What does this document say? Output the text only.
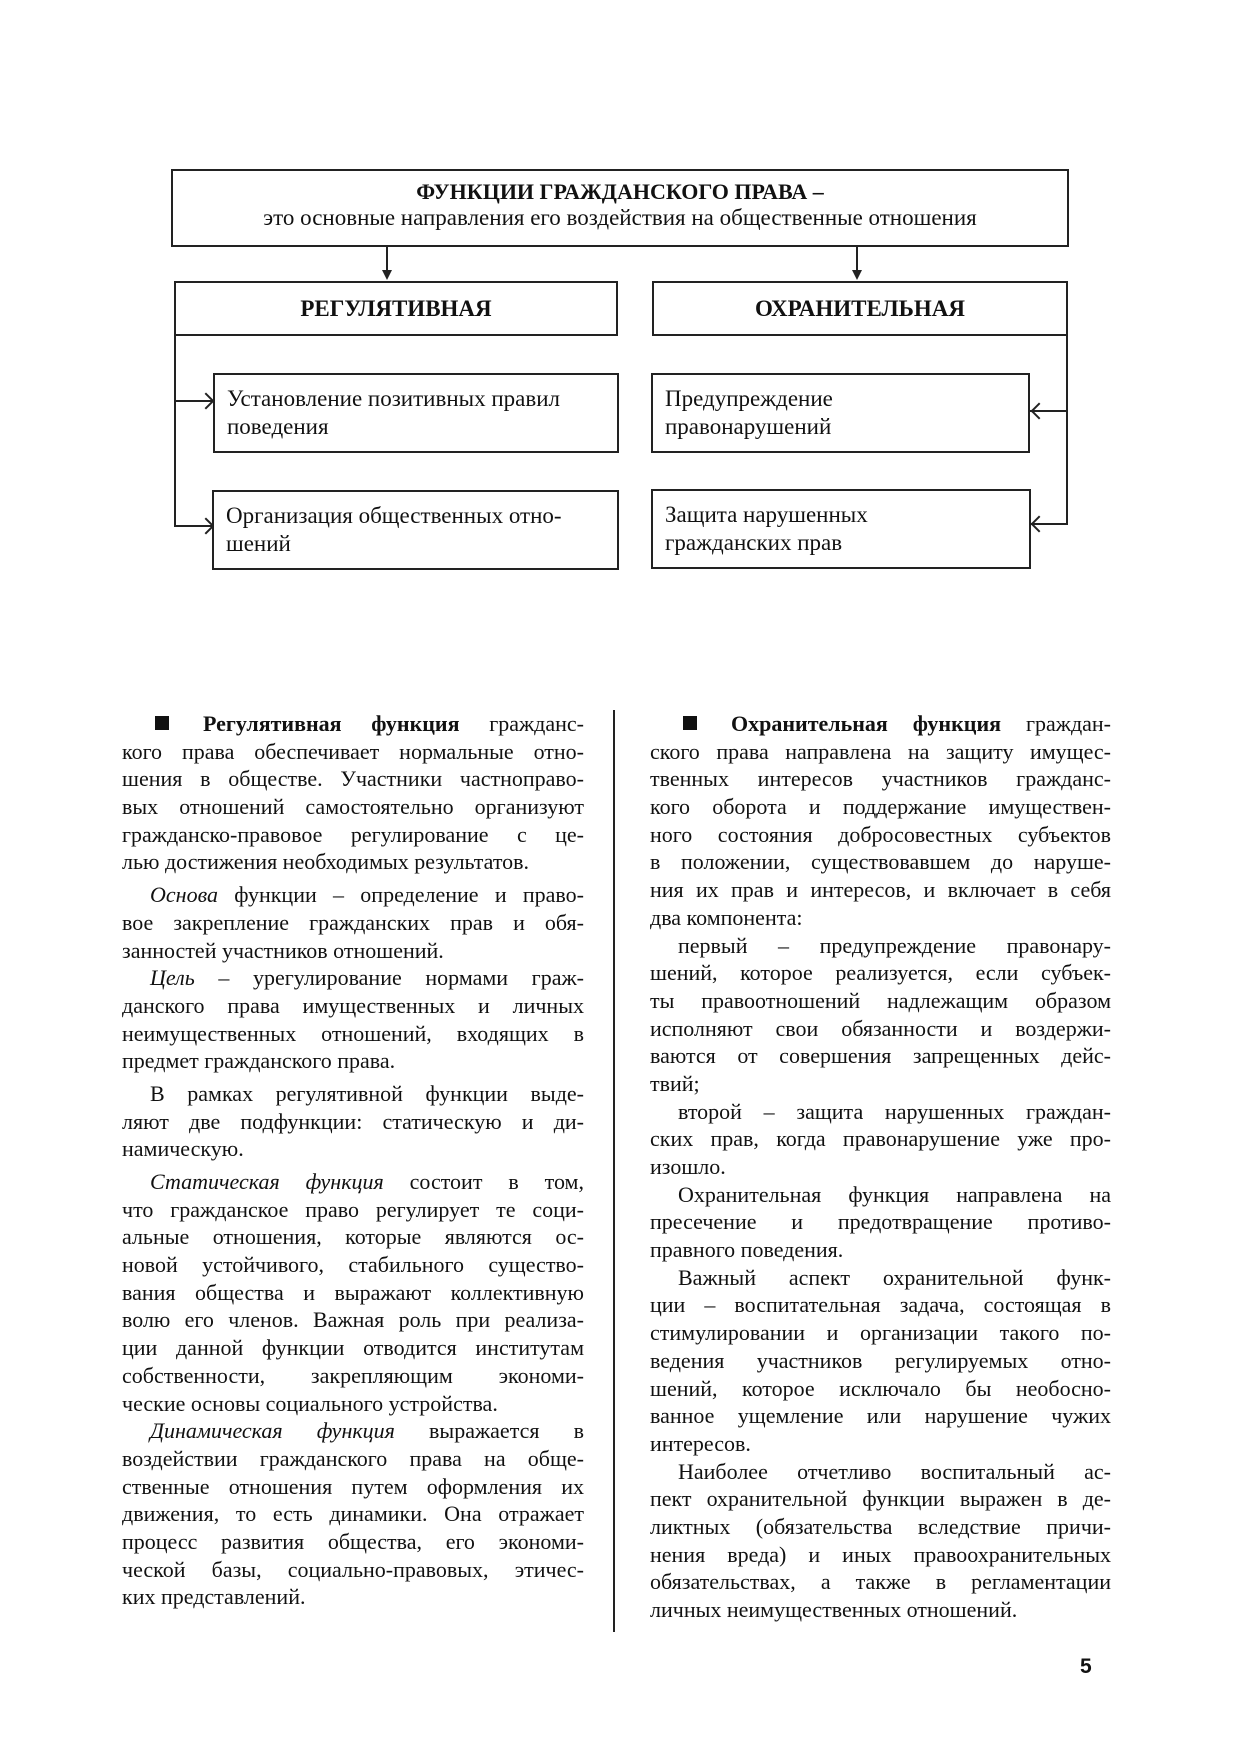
ФУНКЦИИ ГРАЖДАНСКОГО ПРАВА –
это основные направления его воздействия на общественные отношения
РЕГУЛЯТИВНАЯ	ОХРАНИТЕЛЬНАЯ
Установление позитивных правил
поведения
Организация общественных отно-
шений
Предупреждение
правонарушений
Защита нарушенных
гражданских прав
Регулятивная функция гражданс-
кого права обеспечивает нормальные отно-
шения в обществе. Участники частноправо-
вых отношений самостоятельно организуют
гражданско-правовое регулирование с це-
лью достижения необходимых результатов.
Основа функции – определение и право-
вое закрепление гражданских прав и обя-
занностей участников отношений.
Цель – урегулирование нормами граж-
данского права имущественных и личных
неимущественных отношений, входящих в
предмет гражданского права.
В рамках регулятивной функции выде-
ляют две подфункции: статическую и ди-
намическую.
Статическая функция состоит в том,
что гражданское право регулирует те соци-
альные отношения, которые являются ос-
новой устойчивого, стабильного существо-
вания общества и выражают коллективную
волю его членов. Важная роль при реализа-
ции данной функции отводится институтам
собственности, закрепляющим экономи-
ческие основы социального устройства.
Динамическая функция выражается в
воздействии гражданского права на обще-
ственные отношения путем оформления их
движения, то есть динамики. Она отражает
процесс развития общества, его экономи-
ческой базы, социально-правовых, этичес-
ких представлений.
Охранительная функция граждан-
ского права направлена на защиту имущес-
твенных интересов участников гражданс-
кого оборота и поддержание имуществен-
ного состояния добросовестных субъектов
в положении, существовавшем до наруше-
ния их прав и интересов, и включает в себя
два компонента:
первый – предупреждение правонару-
шений, которое реализуется, если субъек-
ты правоотношений надлежащим образом
исполняют свои обязанности и воздержи-
ваются от совершения запрещенных дейс-
твий;
второй – защита нарушенных граждан-
ских прав, когда правонарушение уже про-
изошло.
Охранительная функция направлена на
пресечение и предотвращение противо-
правного поведения.
Важный аспект охранительной функ-
ции – воспитательная задача, состоящая в
стимулировании и организации такого по-
ведения участников регулируемых отно-
шений, которое исключало бы необосно-
ванное ущемление или нарушение чужих
интересов.
Наиболее отчетливо воспитальный ас-
пект охранительной функции выражен в де-
ликтных (обязательства вследствие причи-
нения вреда) и иных правоохранительных
обязательствах, а также в регламентации
личных неимущественных отношений.
5
